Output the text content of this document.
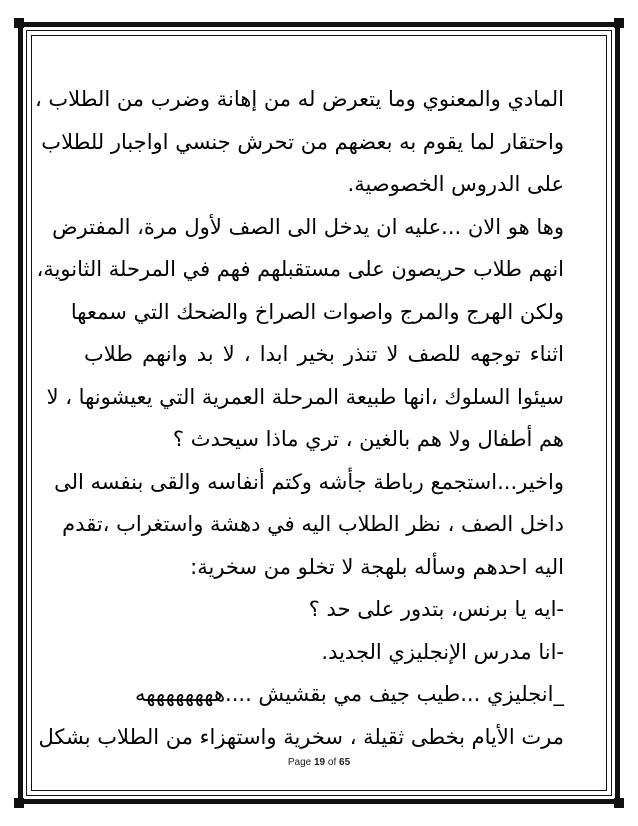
المادي والمعنوي وما يتعرض له من إهانة وضرب من الطلاب ،
واحتقار لما يقوم به بعضهم من تحرش جنسي اواجبار للطلاب
على الدروس الخصوصية.
وها هو الان ...عليه ان يدخل الى الصف لأول مرة، المفترض
انهم طلاب حريصون على مستقبلهم فهم في المرحلة الثانوية،
ولكن الهرج والمرج واصوات الصراخ والضحك التي سمعها
اثناء توجهه للصف لا تنذر بخير ابدا ، لا بد وانهم طلاب
سيئوا السلوك ،انها طبيعة المرحلة العمرية التي يعيشونها ، لا
هم أطفال ولا هم بالغين ، تري ماذا سيحدث ؟
واخير...استجمع رباطة جأشه وكتم أنفاسه والقى بنفسه الى
داخل الصف ، نظر الطلاب اليه في دهشة واستغراب ،تقدم
اليه احدهم وسأله بلهجة لا تخلو من سخرية:
-ايه يا برنس، بتدور على حد ؟
-انا مدرس الإنجليزي الجديد.
_انجليزي ...طيب جيف مي بقشيش ....ههههههههه
مرت الأيام بخطى ثقيلة ، سخرية واستهزاء من الطلاب بشكل
Page 19 of 65
